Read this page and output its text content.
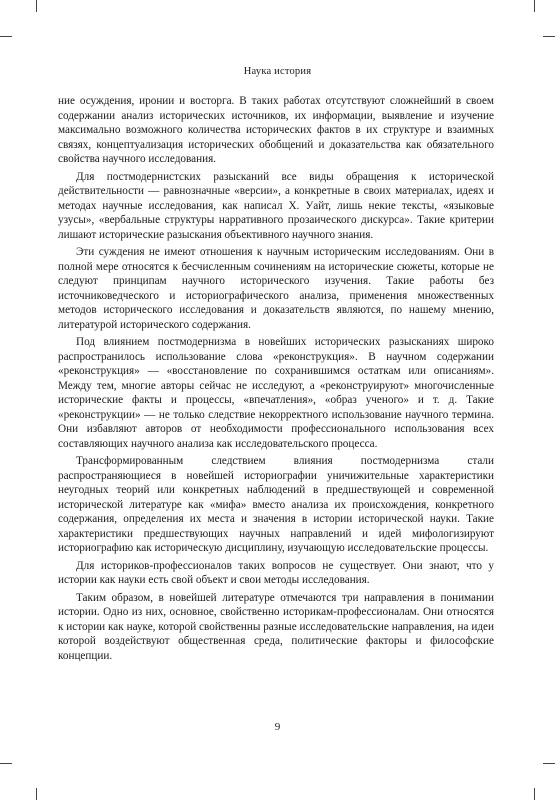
Наука история

ние осуждения, иронии и восторга. В таких работах отсутствуют сложнейший в своем содержании анализ исторических источников, их информации, выявление и изучение максимально возможного количества исторических фактов в их структуре и взаимных связях, концептуализация исторических обобщений и доказательства как обязательного свойства научного исследования.

Для постмодернистских разысканий все виды обращения к исторической действительности — равнозначные «версии», а конкретные в своих материалах, идеях и методах научные исследования, как написал Х. Уайт, лишь некие тексты, «языковые узусы», «вербальные структуры нарративного прозаического дискурса». Такие критерии лишают исторические разыскания объективного научного знания.

Эти суждения не имеют отношения к научным историческим исследованиям. Они в полной мере относятся к бесчисленным сочинениям на исторические сюжеты, которые не следуют принципам научного исторического изучения. Такие работы без источниковедческого и историографического анализа, применения множественных методов исторического исследования и доказательств являются, по нашему мнению, литературой исторического содержания.

Под влиянием постмодернизма в новейших исторических разысканиях широко распространилось использование слова «реконструкция». В научном содержании «реконструкция» — «восстановление по сохранившимся остаткам или описаниям». Между тем, многие авторы сейчас не исследуют, а «реконструируют» многочисленные исторические факты и процессы, «впечатления», «образ ученого» и т. д. Такие «реконструкции» — не только следствие некорректного использование научного термина. Они избавляют авторов от необходимости профессионального использования всех составляющих научного анализа как исследовательского процесса.

Трансформированным следствием влияния постмодернизма стали распространяющиеся в новейшей историографии уничижительные характеристики неугодных теорий или конкретных наблюдений в предшествующей и современной исторической литературе как «мифа» вместо анализа их происхождения, конкретного содержания, определения их места и значения в истории исторической науки. Такие характеристики предшествующих научных направлений и идей мифологизируют историографию как историческую дисциплину, изучающую исследовательские процессы.

Для историков-профессионалов таких вопросов не существует. Они знают, что у истории как науки есть свой объект и свои методы исследования.

Таким образом, в новейшей литературе отмечаются три направления в понимании истории. Одно из них, основное, свойственно историкам-профессионалам. Они относятся к истории как науке, которой свойственны разные исследовательские направления, на идеи которой воздействуют общественная среда, политические факторы и философские концепции.

9
